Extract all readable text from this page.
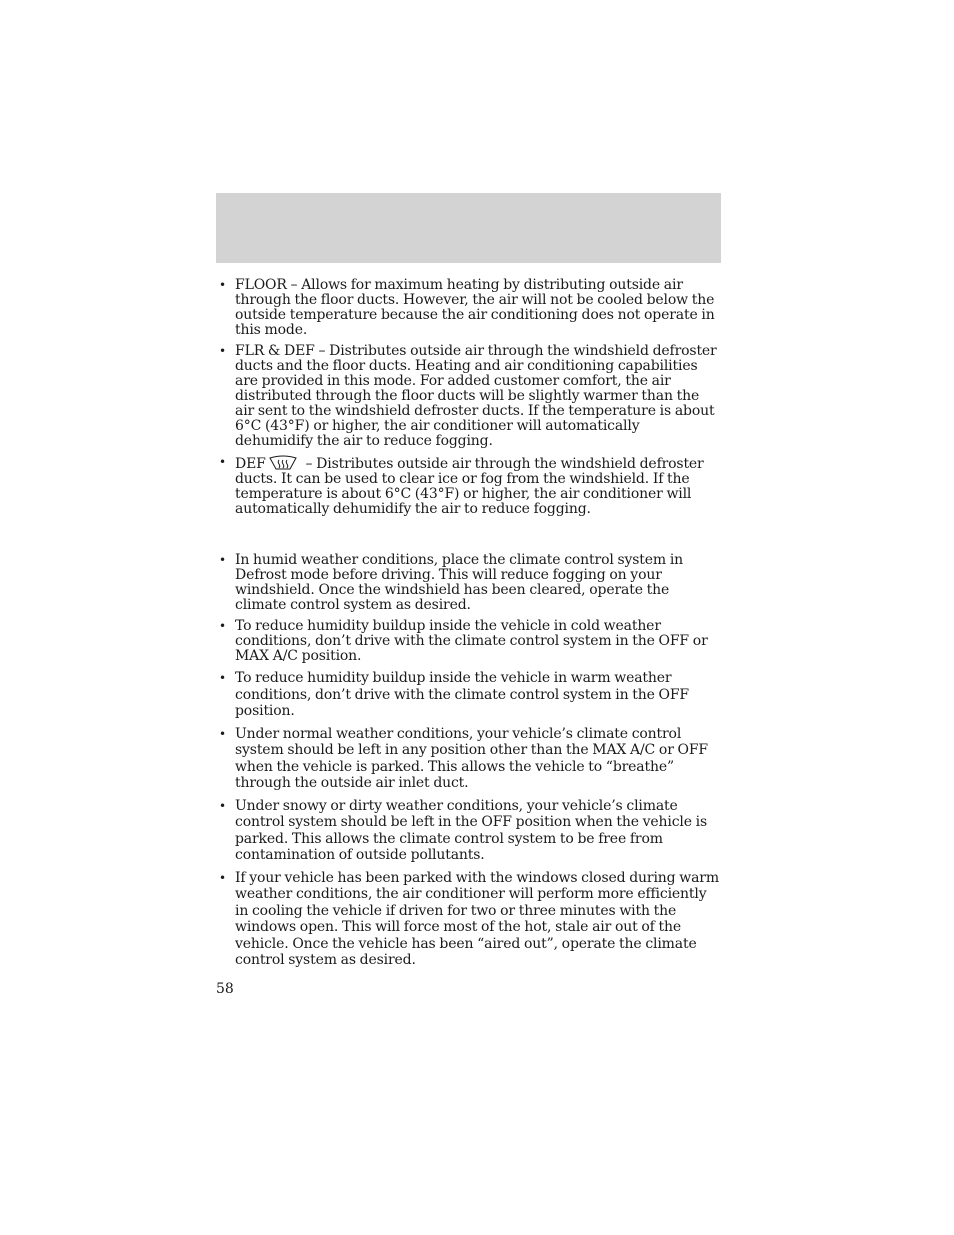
• FLOOR – Allows for maximum heating by distributing outside air through the floor ducts. However, the air will not be cooled below the outside temperature because the air conditioning does not operate in this mode.
• FLR & DEF – Distributes outside air through the windshield defroster ducts and the floor ducts. Heating and air conditioning capabilities are provided in this mode. For added customer comfort, the air distributed through the floor ducts will be slightly warmer than the air sent to the windshield defroster ducts. If the temperature is about 6°C (43°F) or higher, the air conditioner will automatically dehumidify the air to reduce fogging.
• DEF	– Distributes outside air through the windshield defroster ducts. It can be used to clear ice or fog from the windshield. If the temperature is about 6°C (43°F) or higher, the air conditioner will automatically dehumidify the air to reduce fogging.
• In humid weather conditions, place the climate control system in Defrost mode before driving. This will reduce fogging on your windshield. Once the windshield has been cleared, operate the climate control system as desired.
• To reduce humidity buildup inside the vehicle in cold weather conditions, don’t drive with the climate control system in the OFF or MAX A/C position.
• To reduce humidity buildup inside the vehicle in warm weather conditions, don’t drive with the climate control system in the OFF position.
• Under normal weather conditions, your vehicle’s climate control system should be left in any position other than the MAX A/C or OFF when the vehicle is parked. This allows the vehicle to “breathe” through the outside air inlet duct.
• Under snowy or dirty weather conditions, your vehicle’s climate control system should be left in the OFF position when the vehicle is parked. This allows the climate control system to be free from contamination of outside pollutants.
• If your vehicle has been parked with the windows closed during warm weather conditions, the air conditioner will perform more efficiently in cooling the vehicle if driven for two or three minutes with the windows open. This will force most of the hot, stale air out of the vehicle. Once the vehicle has been “aired out”, operate the climate control system as desired.
58
